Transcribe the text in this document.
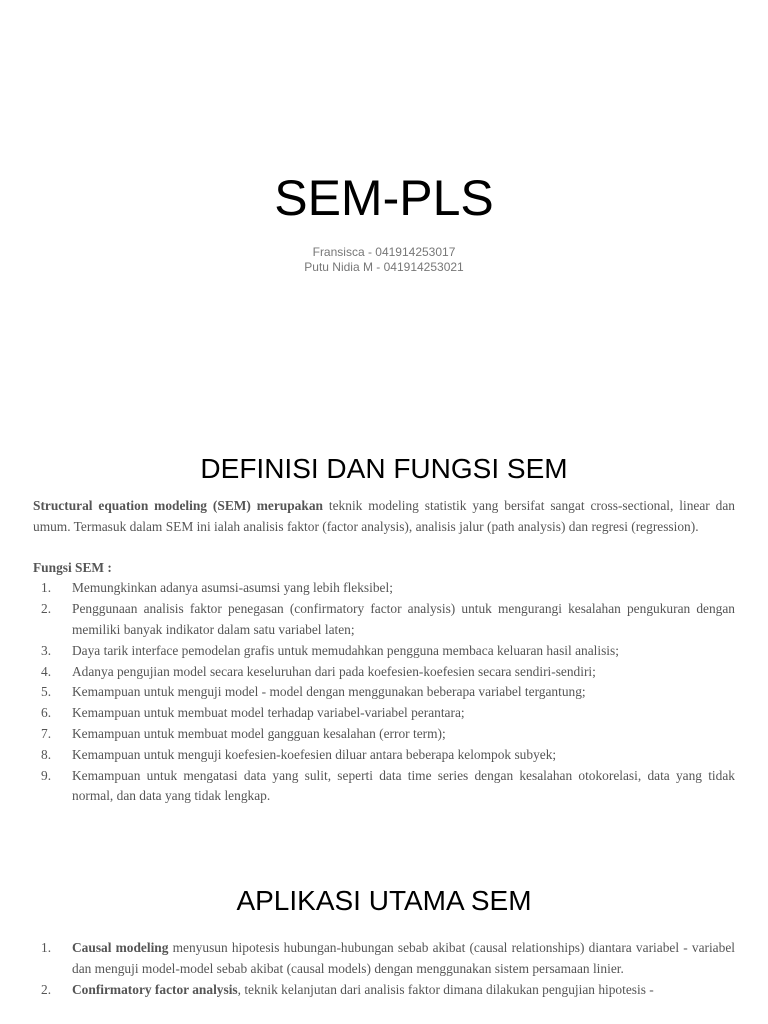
SEM-PLS
Fransisca - 041914253017
Putu Nidia M - 041914253021
DEFINISI DAN FUNGSI SEM

Structural equation modeling (SEM) merupakan teknik modeling statistik yang bersifat sangat cross-sectional, linear dan umum. Termasuk dalam SEM ini ialah analisis faktor (factor analysis), analisis jalur (path analysis) dan regresi (regression).

Fungsi SEM :

1. Memungkinkan adanya asumsi-asumsi yang lebih fleksibel;
2. Penggunaan analisis faktor penegasan (confirmatory factor analysis) untuk mengurangi kesalahan pengukuran dengan memiliki banyak indikator dalam satu variabel laten;
3. Daya tarik interface pemodelan grafis untuk memudahkan pengguna membaca keluaran hasil analisis;
4. Adanya pengujian model secara keseluruhan dari pada koefesien-koefesien secara sendiri-sendiri;
5. Kemampuan untuk menguji model - model dengan menggunakan beberapa variabel tergantung;
6. Kemampuan untuk membuat model terhadap variabel-variabel perantara;
7. Kemampuan untuk membuat model gangguan kesalahan (error term);
8. Kemampuan untuk menguji koefesien-koefesien diluar antara beberapa kelompok subyek;
9. Kemampuan untuk mengatasi data yang sulit, seperti data time series dengan kesalahan otokorelasi, data yang tidak normal, dan data yang tidak lengkap.
APLIKASI UTAMA SEM
1. Causal modeling menyusun hipotesis hubungan-hubungan sebab akibat (causal relationships) diantara variabel - variabel dan menguji model-model sebab akibat (causal models) dengan menggunakan sistem persamaan linier.
2. Confirmatory factor analysis, teknik kelanjutan dari analisis faktor dimana dilakukan pengujian hipotesis -
